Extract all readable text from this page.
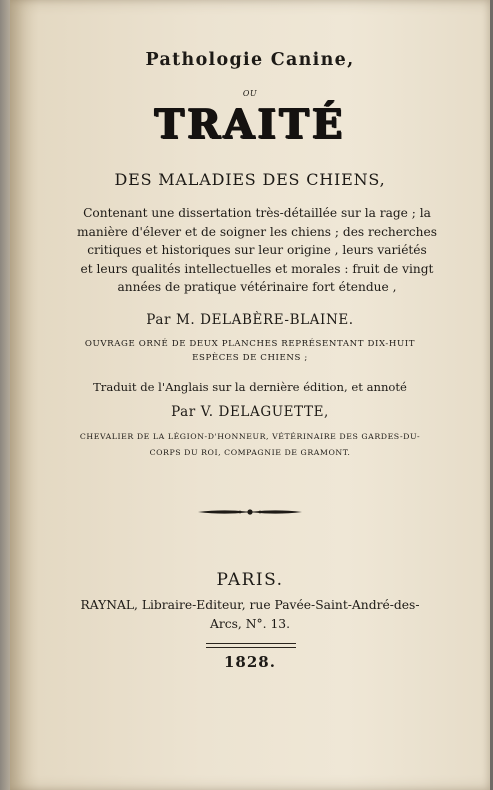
Pathologie Canine,
OU
TRAITÉ
DES MALADIES DES CHIENS,
Contenant une dissertation très-détaillée sur la rage ; la
manière d'élever et de soigner les chiens ; des recherches
critiques et historiques sur leur origine , leurs variétés
et leurs qualités intellectuelles et morales : fruit de vingt
années de pratique vétérinaire fort étendue ,
Par M. DELABÈRE-BLAINE.
OUVRAGE ORNÉ DE DEUX PLANCHES REPRÉSENTANT DIX-HUIT
ESPÈCES DE CHIENS ;
Traduit de l'Anglais sur la dernière édition, et annoté
Par V. DELAGUETTE,
CHEVALIER DE LA LÉGION-D'HONNEUR, VÉTÉRINAIRE DES GARDES-DU-
CORPS DU ROI, COMPAGNIE DE GRAMONT.
PARIS.
RAYNAL, Libraire-Editeur, rue Pavée-Saint-André-des-
Arcs, N°. 13.
1828.
